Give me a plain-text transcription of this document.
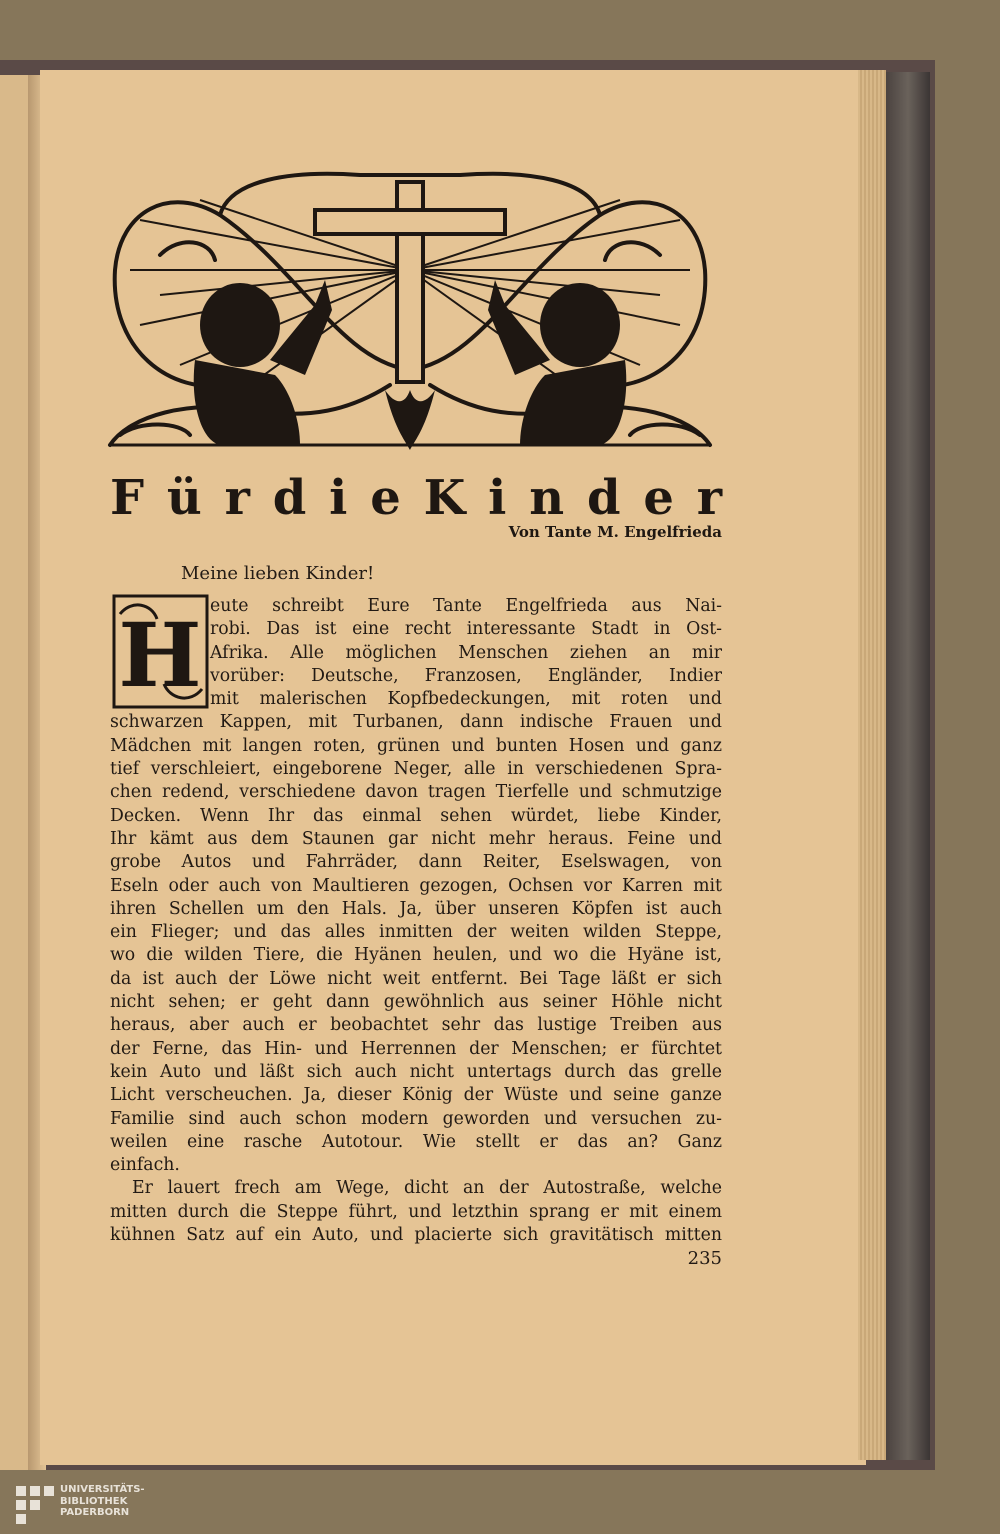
F ü r d i e K i n d e r
Von Tante M. Engelfrieda
Meine lieben Kinder!
H eute schreibt Eure Tante Engelfrieda aus Nai-
robi. Das ist eine recht interessante Stadt in Ost-
Afrika. Alle möglichen Menschen ziehen an mir
vorüber: Deutsche, Franzosen, Engländer, Indier
mit malerischen Kopfbedeckungen, mit roten und
schwarzen Kappen, mit Turbanen, dann indische Frauen und
Mädchen mit langen roten, grünen und bunten Hosen und ganz
tief verschleiert, eingeborene Neger, alle in verschiedenen Spra-
chen redend, verschiedene davon tragen Tierfelle und schmutzige
Decken. Wenn Ihr das einmal sehen würdet, liebe Kinder,
Ihr kämt aus dem Staunen gar nicht mehr heraus. Feine und
grobe Autos und Fahrräder, dann Reiter, Eselswagen, von
Eseln oder auch von Maultieren gezogen, Ochsen vor Karren mit
ihren Schellen um den Hals. Ja, über unseren Köpfen ist auch
ein Flieger; und das alles inmitten der weiten wilden Steppe,
wo die wilden Tiere, die Hyänen heulen, und wo die Hyäne ist,
da ist auch der Löwe nicht weit entfernt. Bei Tage läßt er sich
nicht sehen; er geht dann gewöhnlich aus seiner Höhle nicht
heraus, aber auch er beobachtet sehr das lustige Treiben aus
der Ferne, das Hin- und Herrennen der Menschen; er fürchtet
kein Auto und läßt sich auch nicht untertags durch das grelle
Licht verscheuchen. Ja, dieser König der Wüste und seine ganze
Familie sind auch schon modern geworden und versuchen zu-
weilen eine rasche Autotour. Wie stellt er das an? Ganz
einfach.
Er lauert frech am Wege, dicht an der Autostraße, welche
mitten durch die Steppe führt, und letzthin sprang er mit einem
kühnen Satz auf ein Auto, und placierte sich gravitätisch mitten
235
UNIVERSITÄTS-
BIBLIOTHEK
PADERBORN
